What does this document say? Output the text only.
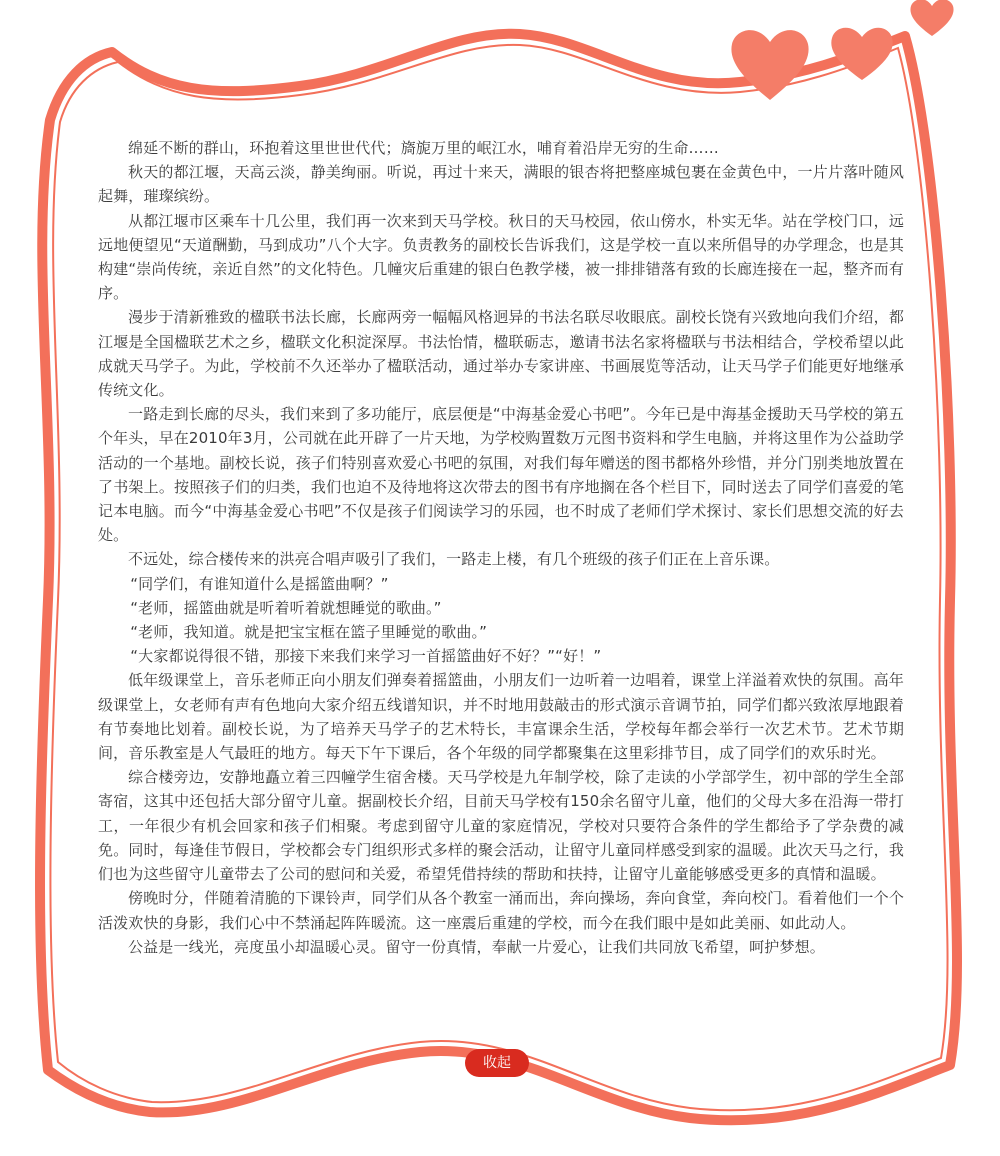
绵延不断的群山，环抱着这里世世代代；旖旎万里的岷江水，哺育着沿岸无穷的生命……

秋天的都江堰，天高云淡，静美绚丽。听说，再过十来天，满眼的银杏将把整座城包裹在金黄色中，一片片落叶随风起舞，璀璨缤纷。

从都江堰市区乘车十几公里，我们再一次来到天马学校。秋日的天马校园，依山傍水，朴实无华。站在学校门口，远远地便望见“天道酬勤，马到成功”八个大字。负责教务的副校长告诉我们，这是学校一直以来所倡导的办学理念，也是其构建“崇尚传统，亲近自然”的文化特色。几幢灾后重建的银白色教学楼，被一排排错落有致的长廊连接在一起，整齐而有序。

漫步于清新雅致的楹联书法长廊，长廊两旁一幅幅风格迥异的书法名联尽收眼底。副校长饶有兴致地向我们介绍，都江堰是全国楹联艺术之乡，楹联文化积淀深厚。书法怡情，楹联砺志，邀请书法名家将楹联与书法相结合，学校希望以此成就天马学子。为此，学校前不久还举办了楹联活动，通过举办专家讲座、书画展览等活动，让天马学子们能更好地继承传统文化。

一路走到长廊的尽头，我们来到了多功能厅，底层便是“中海基金爱心书吧”。今年已是中海基金援助天马学校的第五个年头，早在2010年3月，公司就在此开辟了一片天地，为学校购置数万元图书资料和学生电脑，并将这里作为公益助学活动的一个基地。副校长说，孩子们特别喜欢爱心书吧的氛围，对我们每年赠送的图书都格外珍惜，并分门别类地放置在了书架上。按照孩子们的归类，我们也迫不及待地将这次带去的图书有序地搁在各个栏目下，同时送去了同学们喜爱的笔记本电脑。而今“中海基金爱心书吧”不仅是孩子们阅读学习的乐园，也不时成了老师们学术探讨、家长们思想交流的好去处。

不远处，综合楼传来的洪亮合唱声吸引了我们，一路走上楼，有几个班级的孩子们正在上音乐课。

“同学们，有谁知道什么是摇篮曲啊？”

“老师，摇篮曲就是听着听着就想睡觉的歌曲。”

“老师，我知道。就是把宝宝框在篮子里睡觉的歌曲。”

“大家都说得很不错，那接下来我们来学习一首摇篮曲好不好？”“好！”

低年级课堂上，音乐老师正向小朋友们弹奏着摇篮曲，小朋友们一边听着一边唱着，课堂上洋溢着欢快的氛围。高年级课堂上，女老师有声有色地向大家介绍五线谱知识，并不时地用鼓敲击的形式演示音调节拍，同学们都兴致浓厚地跟着有节奏地比划着。副校长说，为了培养天马学子的艺术特长，丰富课余生活，学校每年都会举行一次艺术节。艺术节期间，音乐教室是人气最旺的地方。每天下午下课后，各个年级的同学都聚集在这里彩排节目，成了同学们的欢乐时光。

综合楼旁边，安静地矗立着三四幢学生宿舍楼。天马学校是九年制学校，除了走读的小学部学生，初中部的学生全部寄宿，这其中还包括大部分留守儿童。据副校长介绍，目前天马学校有150余名留守儿童，他们的父母大多在沿海一带打工，一年很少有机会回家和孩子们相聚。考虑到留守儿童的家庭情况，学校对只要符合条件的学生都给予了学杂费的减免。同时，每逢佳节假日，学校都会专门组织形式多样的聚会活动，让留守儿童同样感受到家的温暖。此次天马之行，我们也为这些留守儿童带去了公司的慰问和关爱，希望凭借持续的帮助和扶持，让留守儿童能够感受更多的真情和温暖。

傍晚时分，伴随着清脆的下课铃声，同学们从各个教室一涌而出，奔向操场，奔向食堂，奔向校门。看着他们一个个活泼欢快的身影，我们心中不禁涌起阵阵暖流。这一座震后重建的学校，而今在我们眼中是如此美丽、如此动人。

公益是一线光，亮度虽小却温暖心灵。留守一份真情，奉献一片爱心，让我们共同放飞希望，呵护梦想。

收起
